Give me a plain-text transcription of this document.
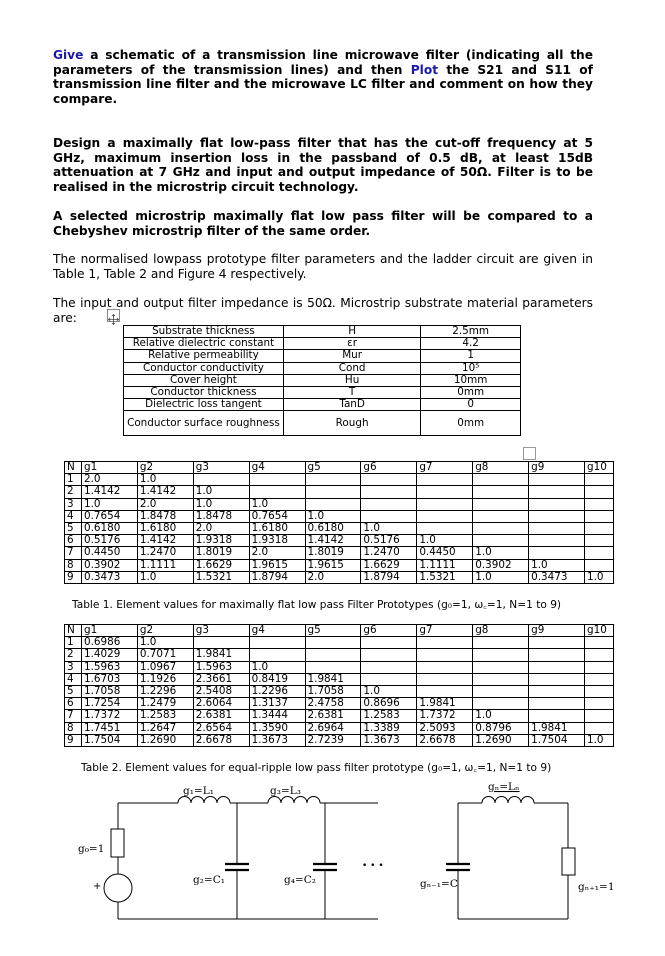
Give a schematic of a transmission line microwave filter (indicating all the parameters of the transmission lines) and then Plot the S21 and S11 of transmission line filter and the microwave LC filter and comment on how they compare.
Design a maximally flat low-pass filter that has the cut-off frequency at 5 GHz, maximum insertion loss in the passband of 0.5 dB, at least 15dB attenuation at 7 GHz and input and output impedance of 50Ω. Filter is to be realised in the microstrip circuit technology.
A selected microstrip maximally flat low pass filter will be compared to a Chebyshev microstrip filter of the same order.
The normalised lowpass prototype filter parameters and the ladder circuit are given in Table 1, Table 2 and Figure 4 respectively.
The input and output filter impedance is 50Ω. Microstrip substrate material parameters are:
Substrate thickness	H	2.5mm
Relative dielectric constant	εr	4.2
Relative permeability	Mur	1
Conductor conductivity	Cond	10⁵
Cover height	Hu	10mm
Conductor thickness	T	0mm
Dielectric loss tangent	TanD	0
Conductor surface roughness	Rough	0mm
N	g1	g2	g3	g4	g5	g6	g7	g8	g9	g10
1	2.0	1.0								
2	1.4142	1.4142	1.0							
3	1.0	2.0	1.0	1.0						
4	0.7654	1.8478	1.8478	0.7654	1.0					
5	0.6180	1.6180	2.0	1.6180	0.6180	1.0				
6	0.5176	1.4142	1.9318	1.9318	1.4142	0.5176	1.0			
7	0.4450	1.2470	1.8019	2.0	1.8019	1.2470	0.4450	1.0		
8	0.3902	1.1111	1.6629	1.9615	1.9615	1.6629	1.1111	0.3902	1.0	
9	0.3473	1.0	1.5321	1.8794	2.0	1.8794	1.5321	1.0	0.3473	1.0
Table 1. Element values for maximally flat low pass Filter Prototypes (g₀=1, ω꜀=1, N=1 to 9)
N	g1	g2	g3	g4	g5	g6	g7	g8	g9	g10
1	0.6986	1.0								
2	1.4029	0.7071	1.9841							
3	1.5963	1.0967	1.5963	1.0						
4	1.6703	1.1926	2.3661	0.8419	1.9841					
5	1.7058	1.2296	2.5408	1.2296	1.7058	1.0				
6	1.7254	1.2479	2.6064	1.3137	2.4758	0.8696	1.9841			
7	1.7372	1.2583	2.6381	1.3444	2.6381	1.2583	1.7372	1.0		
8	1.7451	1.2647	2.6564	1.3590	2.6964	1.3389	2.5093	0.8796	1.9841	
9	1.7504	1.2690	2.6678	1.3673	2.7239	1.3673	2.6678	1.2690	1.7504	1.0
Table 2. Element values for equal-ripple low pass filter prototype (g₀=1, ω꜀=1, N=1 to 9)
g₁=L₁	g₃=L₃	gₙ=Lₙ
g₀=1
g₂=C₁	g₄=C₂	gₙ₋₁=C	gₙ₊₁=1
+
• • •
